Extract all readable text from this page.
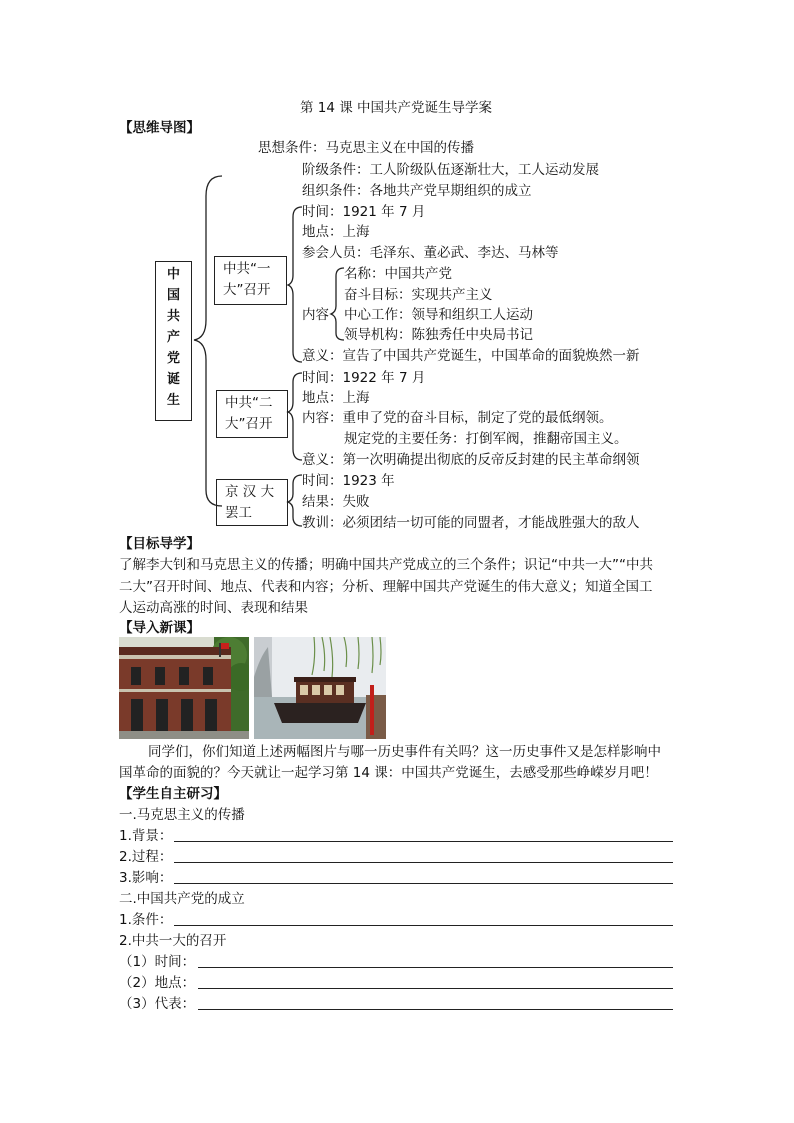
第 14 课 中国共产党诞生导学案
【思维导图】
思想条件：马克思主义在中国的传播
阶级条件：工人阶级队伍逐渐壮大，工人运动发展
组织条件：各地共产党早期组织的成立
中
国
共
产
党
诞
生
中共“一
大”召开
时间：1921 年 7 月
地点：上海
参会人员：毛泽东、董必武、李达、马林等
内容
名称：中国共产党
奋斗目标：实现共产主义
中心工作：领导和组织工人运动
领导机构：陈独秀任中央局书记
意义：宣告了中国共产党诞生，中国革命的面貌焕然一新
中共“二
大”召开
时间：1922 年 7 月
地点：上海
内容：重申了党的奋斗目标，制定了党的最低纲领。
规定党的主要任务：打倒军阀，推翻帝国主义。
意义：第一次明确提出彻底的反帝反封建的民主革命纲领
京 汉 大
罢工
时间：1923 年
结果：失败
教训：必须团结一切可能的同盟者，才能战胜强大的敌人
【目标导学】
了解李大钊和马克思主义的传播；明确中国共产党成立的三个条件；识记“中共一大”“中共
二大”召开时间、地点、代表和内容；分析、理解中国共产党诞生的伟大意义；知道全国工
人运动高涨的时间、表现和结果
【导入新课】
同学们，你们知道上述两幅图片与哪一历史事件有关吗？这一历史事件又是怎样影响中
国革命的面貌的？今天就让一起学习第 14 课：中国共产党诞生，去感受那些峥嵘岁月吧！
【学生自主研习】
一.马克思主义的传播
1.背景：
2.过程：
3.影响：
二.中国共产党的成立
1.条件：
2.中共一大的召开
（1）时间：
（2）地点：
（3）代表：
